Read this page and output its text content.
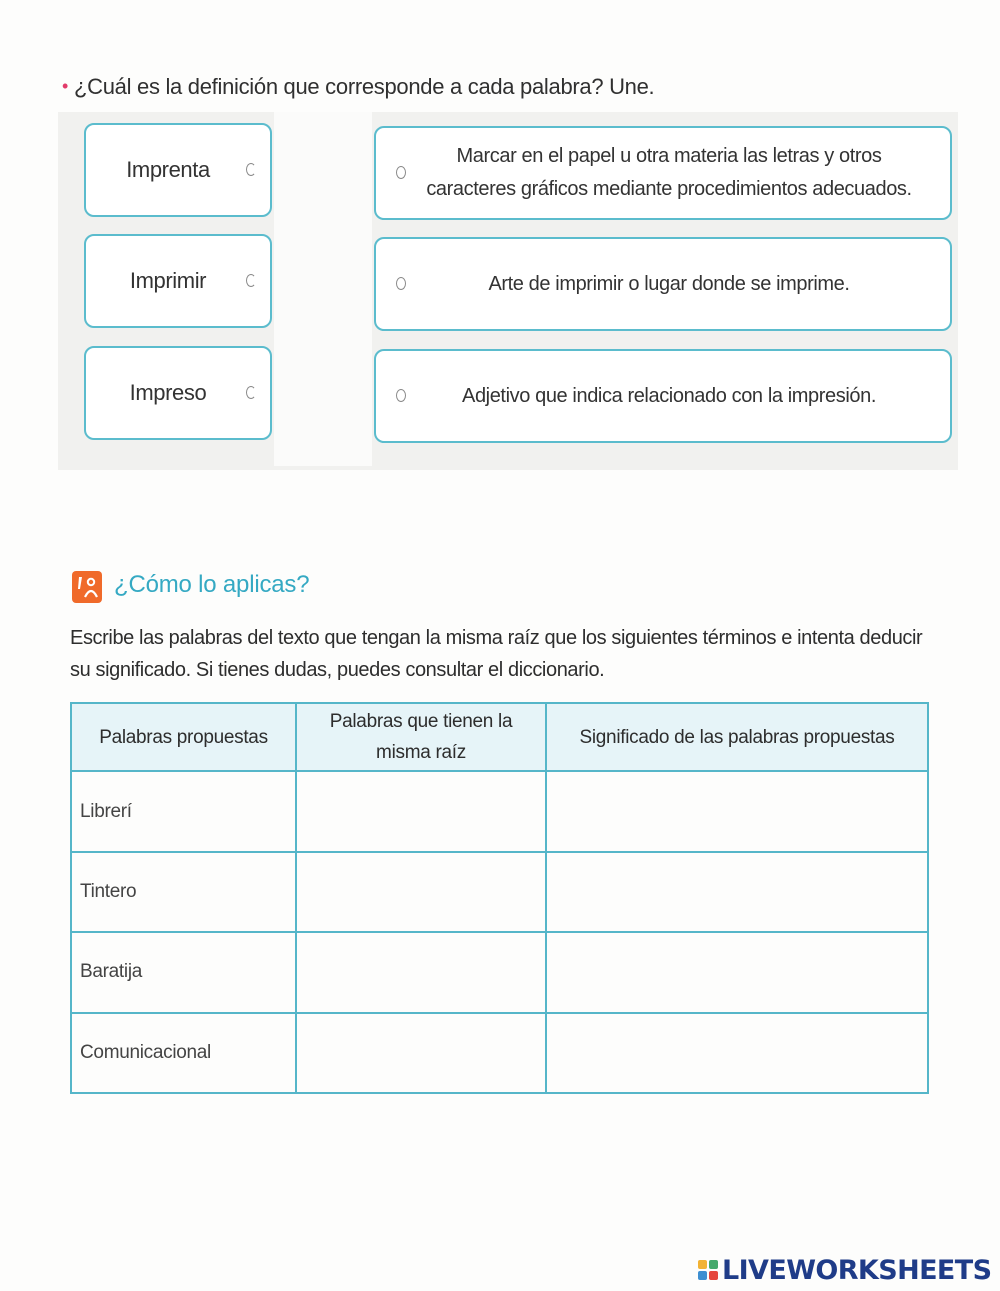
• ¿Cuál es la definición que corresponde a cada palabra? Une.
Imprenta
Imprimir
Impreso
Marcar en el papel u otra materia las letras y otros caracteres gráficos mediante procedimientos adecuados.
Arte de imprimir o lugar donde se imprime.
Adjetivo que indica relacionado con la impresión.
¿Cómo lo aplicas?
Escribe las palabras del texto que tengan la misma raíz que los siguientes términos e intenta deducir su significado. Si tienes dudas, puedes consultar el diccionario.
Palabras propuestas	Palabras que tienen la misma raíz	Significado de las palabras propuestas
Librerí	

Tintero	

Baratija	

Comunicacional	

LIVEWORKSHEETS
